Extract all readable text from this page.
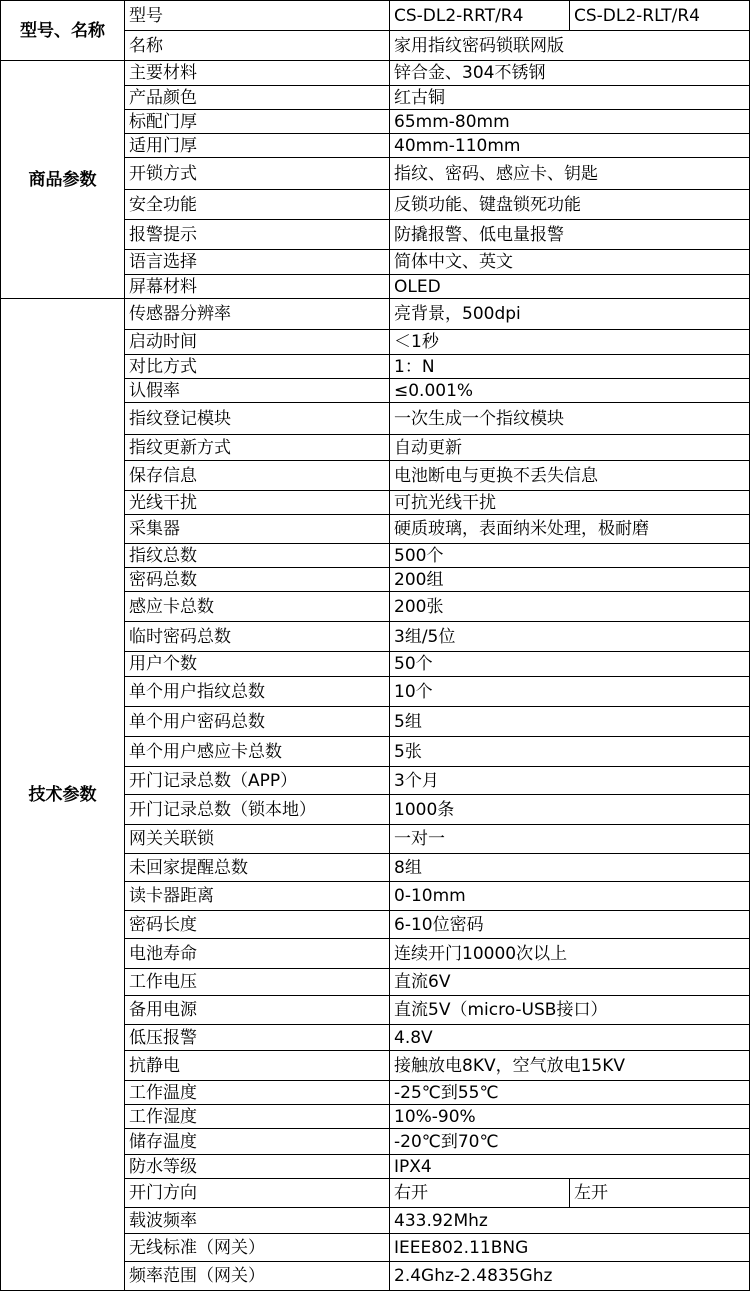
型号、名称	型号	CS-DL2-RRT/R4	CS-DL2-RLT/R4
	名称	家用指纹密码锁联网版	
商品参数	主要材料	锌合金、304不锈钢	
	产品颜色	红古铜	
	标配门厚	65mm-80mm	
	适用门厚	40mm-110mm	
	开锁方式	指纹、密码、感应卡、钥匙	
	安全功能	反锁功能、键盘锁死功能	
	报警提示	防撬报警、低电量报警	
	语言选择	简体中文、英文	
	屏幕材料	OLED	
技术参数	传感器分辨率	亮背景，500dpi	
	启动时间	＜1秒	
	对比方式	1：N	
	认假率	≤0.001%	
	指纹登记模块	一次生成一个指纹模块	
	指纹更新方式	自动更新	
	保存信息	电池断电与更换不丢失信息	
	光线干扰	可抗光线干扰	
	采集器	硬质玻璃，表面纳米处理，极耐磨	
	指纹总数	500个	
	密码总数	200组	
	感应卡总数	200张	
	临时密码总数	3组/5位	
	用户个数	50个	
	单个用户指纹总数	10个	
	单个用户密码总数	5组	
	单个用户感应卡总数	5张	
	开门记录总数（APP）	3个月	
	开门记录总数（锁本地）	1000条	
	网关关联锁	一对一	
	未回家提醒总数	8组	
	读卡器距离	0-10mm	
	密码长度	6-10位密码	
	电池寿命	连续开门10000次以上	
	工作电压	直流6V	
	备用电源	直流5V（micro-USB接口）	
	低压报警	4.8V	
	抗静电	接触放电8KV，空气放电15KV	
	工作温度	-25℃到55℃	
	工作湿度	10%-90%	
	储存温度	-20℃到70℃	
	防水等级	IPX4	
	开门方向	右开	左开
	载波频率	433.92Mhz	
	无线标准（网关）	IEEE802.11BNG	
	频率范围（网关）	2.4Ghz-2.4835Ghz	
